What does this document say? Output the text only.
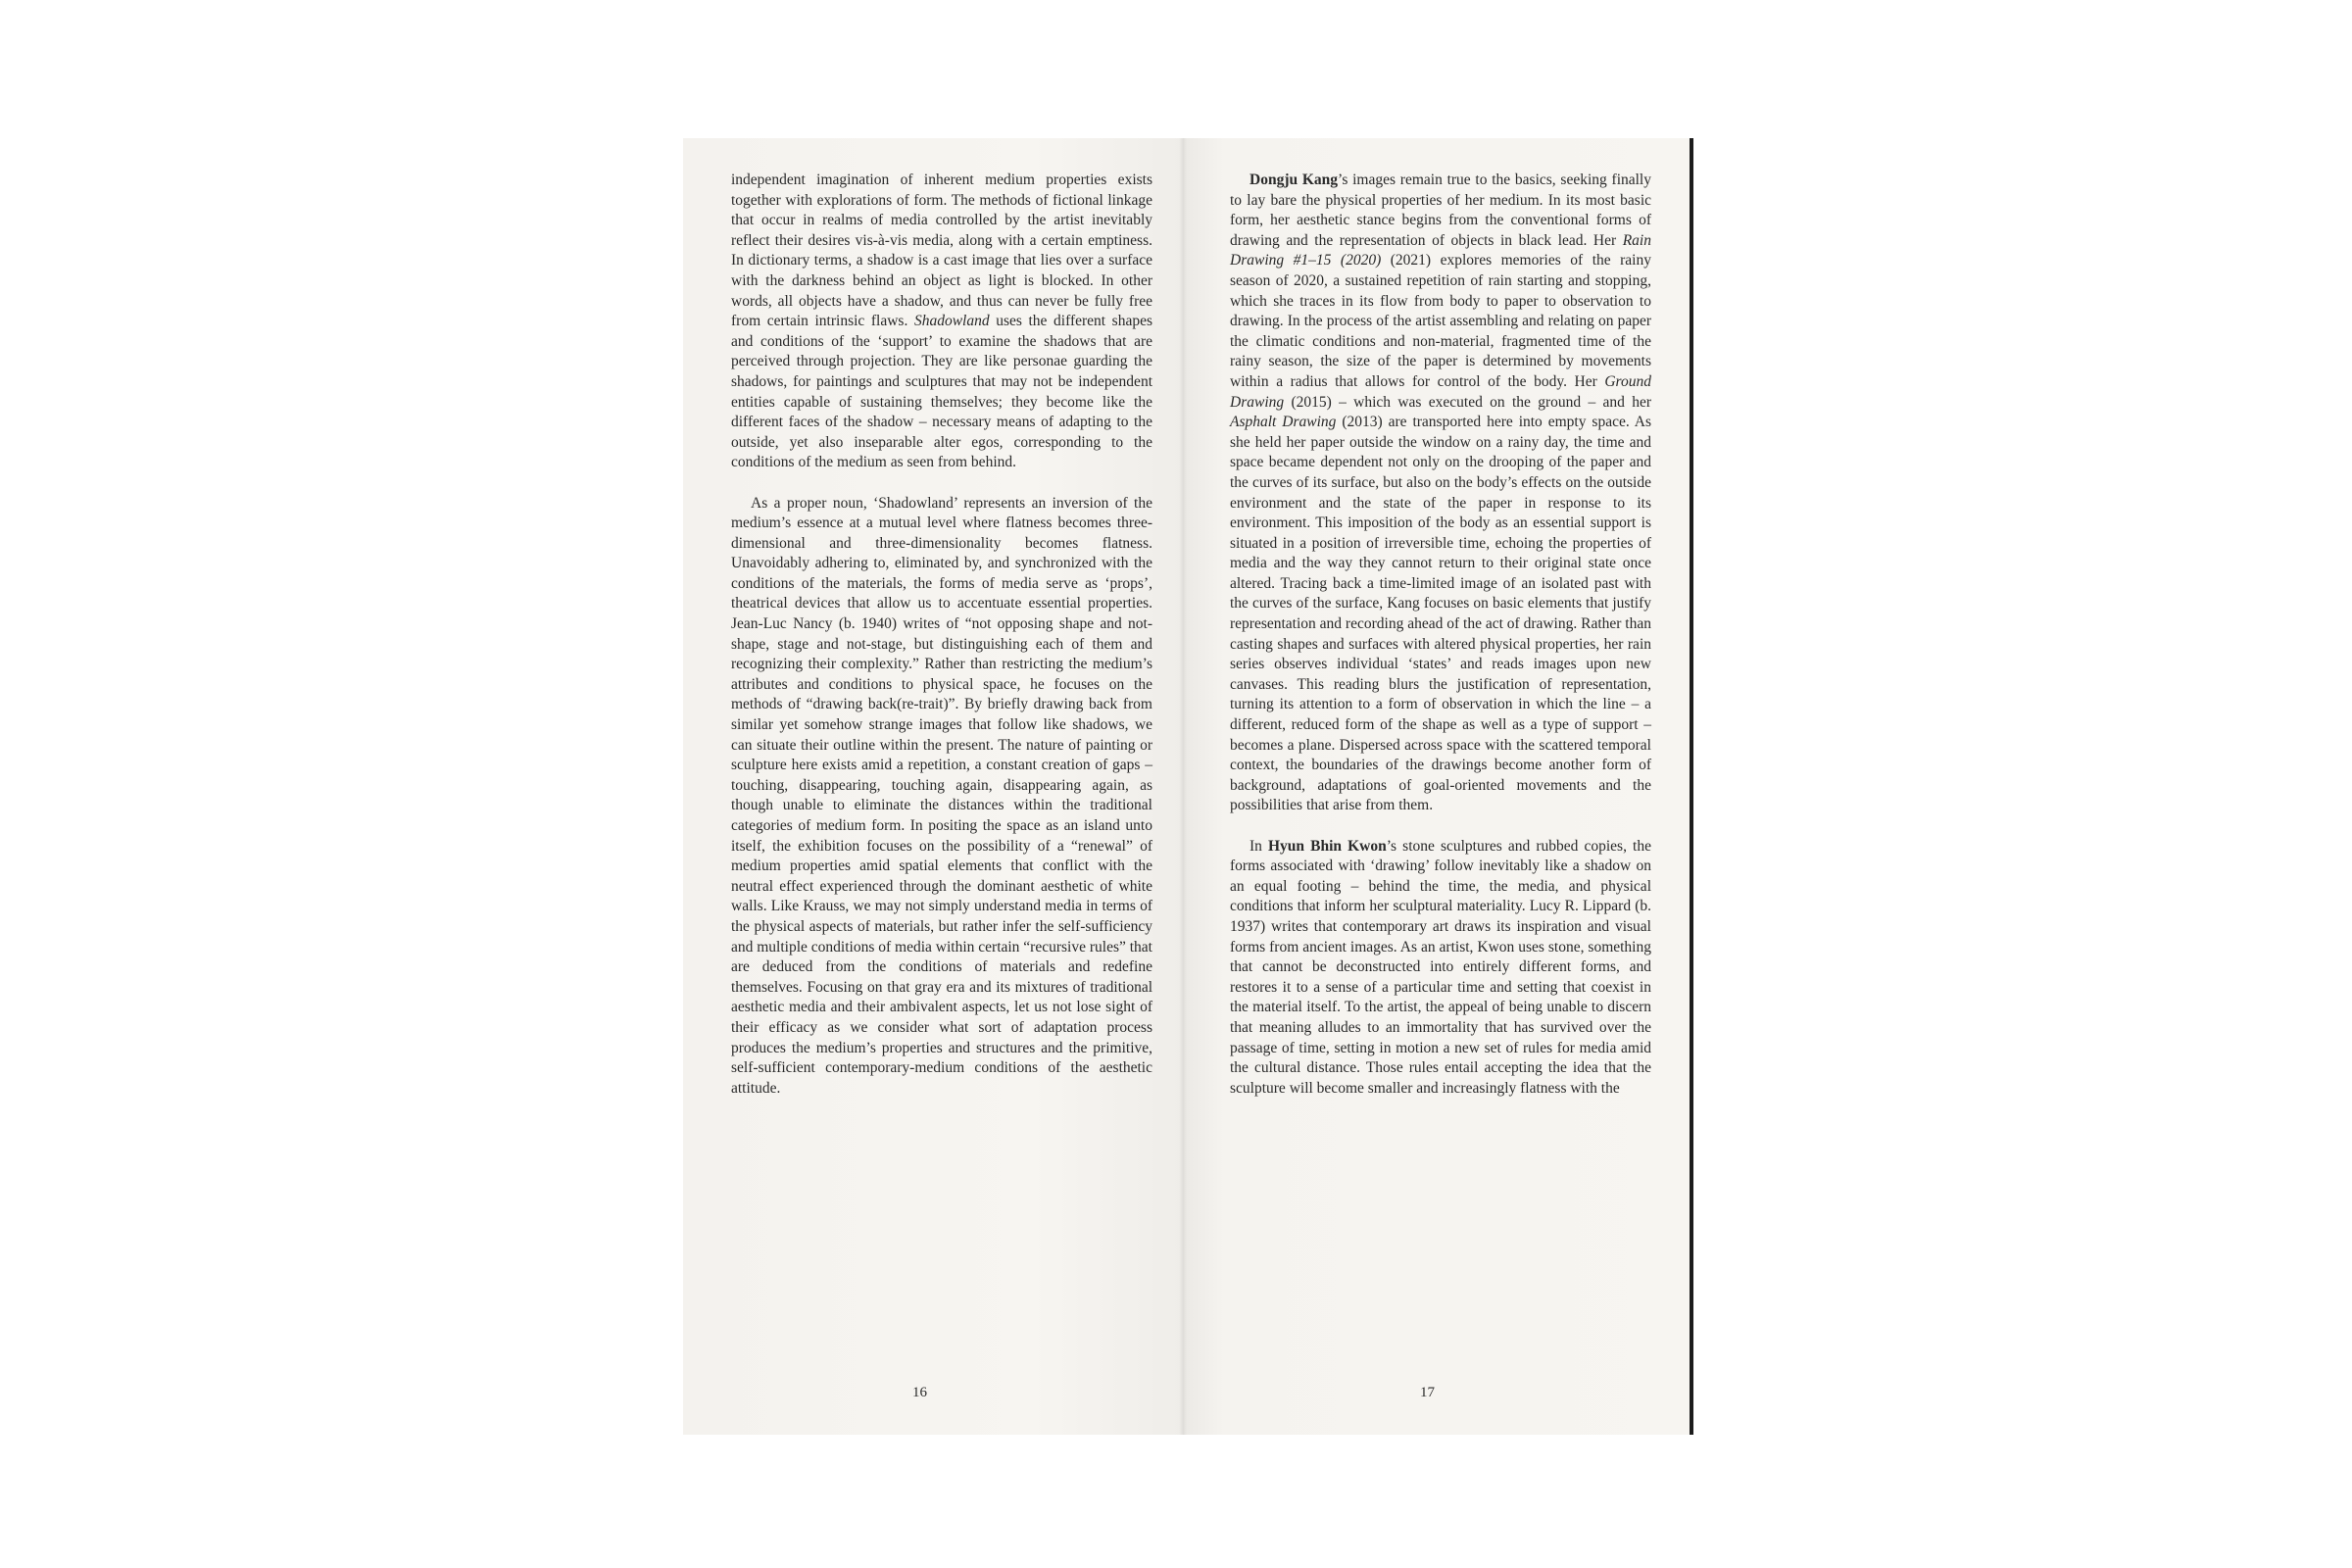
independent imagination of inherent medium properties exists together with explorations of form. The methods of fictional linkage that occur in realms of media controlled by the artist inevitably reflect their desires vis-à-vis media, along with a certain emptiness. In dictionary terms, a shadow is a cast image that lies over a surface with the darkness behind an object as light is blocked. In other words, all objects have a shadow, and thus can never be fully free from certain intrinsic flaws. Shadowland uses the different shapes and conditions of the ‘support’ to examine the shadows that are perceived through projection. They are like personae guarding the shadows, for paintings and sculptures that may not be independent entities capable of sustaining themselves; they become like the different faces of the shadow – necessary means of adapting to the outside, yet also inseparable alter egos, corresponding to the conditions of the medium as seen from behind.

As a proper noun, ‘Shadowland’ represents an inversion of the medium’s essence at a mutual level where flatness becomes three-dimensional and three-dimensionality becomes flatness. Unavoidably adhering to, eliminated by, and synchronized with the conditions of the materials, the forms of media serve as ‘props’, theatrical devices that allow us to accentuate essential properties. Jean-Luc Nancy (b. 1940) writes of “not opposing shape and not-shape, stage and not-stage, but distinguishing each of them and recognizing their complexity.” Rather than restricting the medium’s attributes and conditions to physical space, he focuses on the methods of “drawing back(re-trait)”. By briefly drawing back from similar yet somehow strange images that follow like shadows, we can situate their outline within the present. The nature of painting or sculpture here exists amid a repetition, a constant creation of gaps – touching, disappearing, touching again, disappearing again, as though unable to eliminate the distances within the traditional categories of medium form. In positing the space as an island unto itself, the exhibition focuses on the possibility of a “renewal” of medium properties amid spatial elements that conflict with the neutral effect experienced through the dominant aesthetic of white walls. Like Krauss, we may not simply understand media in terms of the physical aspects of materials, but rather infer the self-sufficiency and multiple conditions of media within certain “recursive rules” that are deduced from the conditions of materials and redefine themselves. Focusing on that gray era and its mixtures of traditional aesthetic media and their ambivalent aspects, let us not lose sight of their efficacy as we consider what sort of adaptation process produces the medium’s properties and structures and the primitive, self-sufficient contemporary-medium conditions of the aesthetic attitude.

16

Dongju Kang’s images remain true to the basics, seeking finally to lay bare the physical properties of her medium. In its most basic form, her aesthetic stance begins from the conventional forms of drawing and the representation of objects in black lead. Her Rain Drawing #1–15 (2020) (2021) explores memories of the rainy season of 2020, a sustained repetition of rain starting and stopping, which she traces in its flow from body to paper to observation to drawing. In the process of the artist assembling and relating on paper the climatic conditions and non-material, fragmented time of the rainy season, the size of the paper is determined by movements within a radius that allows for control of the body. Her Ground Drawing (2015) – which was executed on the ground – and her Asphalt Drawing (2013) are transported here into empty space. As she held her paper outside the window on a rainy day, the time and space became dependent not only on the drooping of the paper and the curves of its surface, but also on the body’s effects on the outside environment and the state of the paper in response to its environment. This imposition of the body as an essential support is situated in a position of irreversible time, echoing the properties of media and the way they cannot return to their original state once altered. Tracing back a time-limited image of an isolated past with the curves of the surface, Kang focuses on basic elements that justify representation and recording ahead of the act of drawing. Rather than casting shapes and surfaces with altered physical properties, her rain series observes individual ‘states’ and reads images upon new canvases. This reading blurs the justification of representation, turning its attention to a form of observation in which the line – a different, reduced form of the shape as well as a type of support – becomes a plane. Dispersed across space with the scattered temporal context, the boundaries of the drawings become another form of background, adaptations of goal-oriented movements and the possibilities that arise from them.

In Hyun Bhin Kwon’s stone sculptures and rubbed copies, the forms associated with ‘drawing’ follow inevitably like a shadow on an equal footing – behind the time, the media, and physical conditions that inform her sculptural materiality. Lucy R. Lippard (b. 1937) writes that contemporary art draws its inspiration and visual forms from ancient images. As an artist, Kwon uses stone, something that cannot be deconstructed into entirely different forms, and restores it to a sense of a particular time and setting that coexist in the material itself. To the artist, the appeal of being unable to discern that meaning alludes to an immortality that has survived over the passage of time, setting in motion a new set of rules for media amid the cultural distance. Those rules entail accepting the idea that the sculpture will become smaller and increasingly flatness with the

17
